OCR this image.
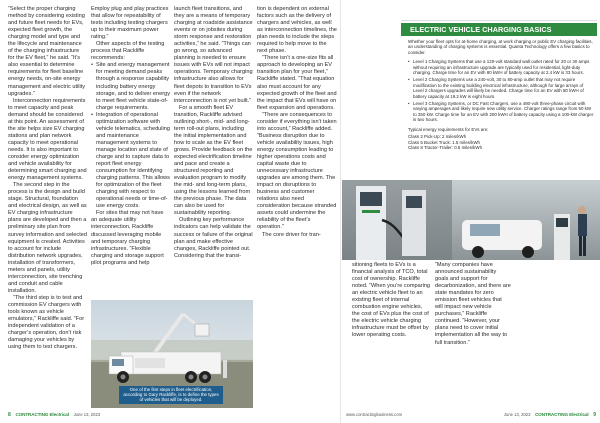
“Select the proper charging method by considering existing and future fleet needs for EVs, expected fleet growth, the charging model and type and the lifecycle and maintenance of the charging infrastructure for the EV fleet,” he said. “It’s also essential to determine requirements for fleet baseline energy needs, on-site energy management and electric utility upgrades.”

Interconnection requirements to meet capacity and peak demand should be considered at this point. An assessment of the site helps size EV charging stations and plan network capacity to meet operational needs. It is also important to consider energy optimization and vehicle availability for determining smart charging and energy management systems.

The second step in the process is the design and build stage. Structural, foundation and electrical design, as well as EV charging infrastructure plans are developed and then a preliminary site plan from survey information and selected equipment is created. Activities to account for include distribution network upgrades, installation of transformers, meters and panels, utility interconnection, site trenching and conduit and cable installation.

“The third step is to test and commission EV chargers with tools known as vehicle emulators,” Rackliffe said. “For independent validation of a charger’s operation, don’t risk damaging your vehicles by using them to test chargers.

Employ plug and play practices that allow for repeatability of tests including testing chargers up to their maximum power rating.”

Other aspects of the testing process that Rackliffe recommends:

• Site and energy management for meeting demand peaks through a response capability including battery energy storage, and to deliver energy to meet fleet vehicle state-of-charge requirements.
• Integration of operational optimization software with vehicle telematics, scheduling and maintenance management systems to manage location and state of charge and to capture data to report fleet energy consumption for identifying charging patterns. This allows for optimization of the fleet charging with respect to operational needs or time-of-use energy costs.

For sites that may not have an adequate utility interconnection, Rackliffe discussed leveraging mobile and temporary charging infrastructures. “Flexible charging and storage support pilot programs and help

launch fleet transitions, and they are a means of temporary charging at roadside assistance events or on jobsites during storm response and restoration activities,” he said. “Things can go wrong, so advanced planning is needed to ensure issues with EVs will not impact operations. Temporary charging infrastructure also allows for fleet depots to transition to EVs even if the network interconnection is not yet built.”

For a smooth fleet EV transition, Rackliffe advised outlining short-, mid- and long-term roll-out plans, including the initial implementation and how to scale as the EV fleet grows. Provide feedback on the expected electrification timeline and pace and create a structured reporting and evaluation program to modify the mid- and long-term plans, using the lessons learned from the previous phase. The data can also be used for sustainability reporting.

Outlining key performance indicators can help validate the success or failure of the original plan and make effective changes, Rackliffe pointed out. Considering that the transi-

tion is dependent on external factors such as the delivery of chargers and vehicles, as well as interconnection timelines, the plan needs to include the steps required to help move to the next phase.

“There isn’t a one-size fits all approach to developing an EV transition plan for your fleet,” Rackliffe stated. “That equation also must account for any expected growth of the fleet and the impact that EVs will have on fleet expansion and operations.

“There are consequences to consider if everything isn’t taken into account,” Rackliffe added. “Business disruption due to vehicle availability issues, high energy consumption leading to higher operations costs and capital waste due to unnecessary infrastructure upgrades are among them. The impact on disruptions to business and customer relations also need consideration because stranded assets could undermine the reliability of the fleet’s operation.”

The core driver for tran-

One of the first steps in fleet electrification, according to Gary Rackliffe, is to define the types of vehicles that will be deployed.
ELECTRIC VEHICLE CHARGING BASICS

Whether your fleet opts for at-home charging, at work charging or public EV charging facilities, an understanding of charging systems is essential. Quanta Technology offers a few basics to consider.

• Level 1 Charging Systems that use a 120-volt standard wall outlet rated for 20 or 30 amps without requiring an infrastructure upgrade are typically used for residential, light-duty charging. Charge time for an EV with 80 kWH of battery capacity at 2.4 kW is 33 hours.
• Level 2 Charging Systems use a 240-volt, 30 to 80-amp outlet that may not require modification to the existing building electrical infrastructure, although for large arrays of Level 2 chargers upgrades will likely be needed. Charge time for an EV with 80 kWH of battery capacity at 19.2 kW is eight hours.
• Level 3 Charging Systems, or DC Fast Chargers, use a 480-volt three-phase circuit with varying amperages and likely require new utility service. Charger ratings range from 50 kW to 350 kW. Charge time for an EV with 200 kWH of battery capacity using a 100-kW charger is two hours.
Typical energy requirements for EVs are:
Class 2 Pick-Up: 2 miles/kWh
Class 5 Bucket Truck: 1.5 miles/kWh
Class 8 Tractor-Trailer: 0.5 miles/kWh

sitioning fleets to EVs is a financial analysis of TCO, total cost of ownership. Rackliffe noted. “When you’re comparing an electric vehicle fleet to an existing fleet of internal combustion engine vehicles, the cost of EVs plus the cost of the electric vehicle charging infrastructure must be offset by lower operating costs.

“Many companies have announced sustainability goals and support for decarbonization, and there are state mandates for zero emission fleet vehicles that will impact new vehicle purchases,” Rackliffe continued. “However, your plans need to cover initial implementation all the way to full transition.”

8 CONTRACTING Electrical June 13, 2023	www.contractingbusiness.com	June 13, 2023 CONTRACTING Electrical 9
